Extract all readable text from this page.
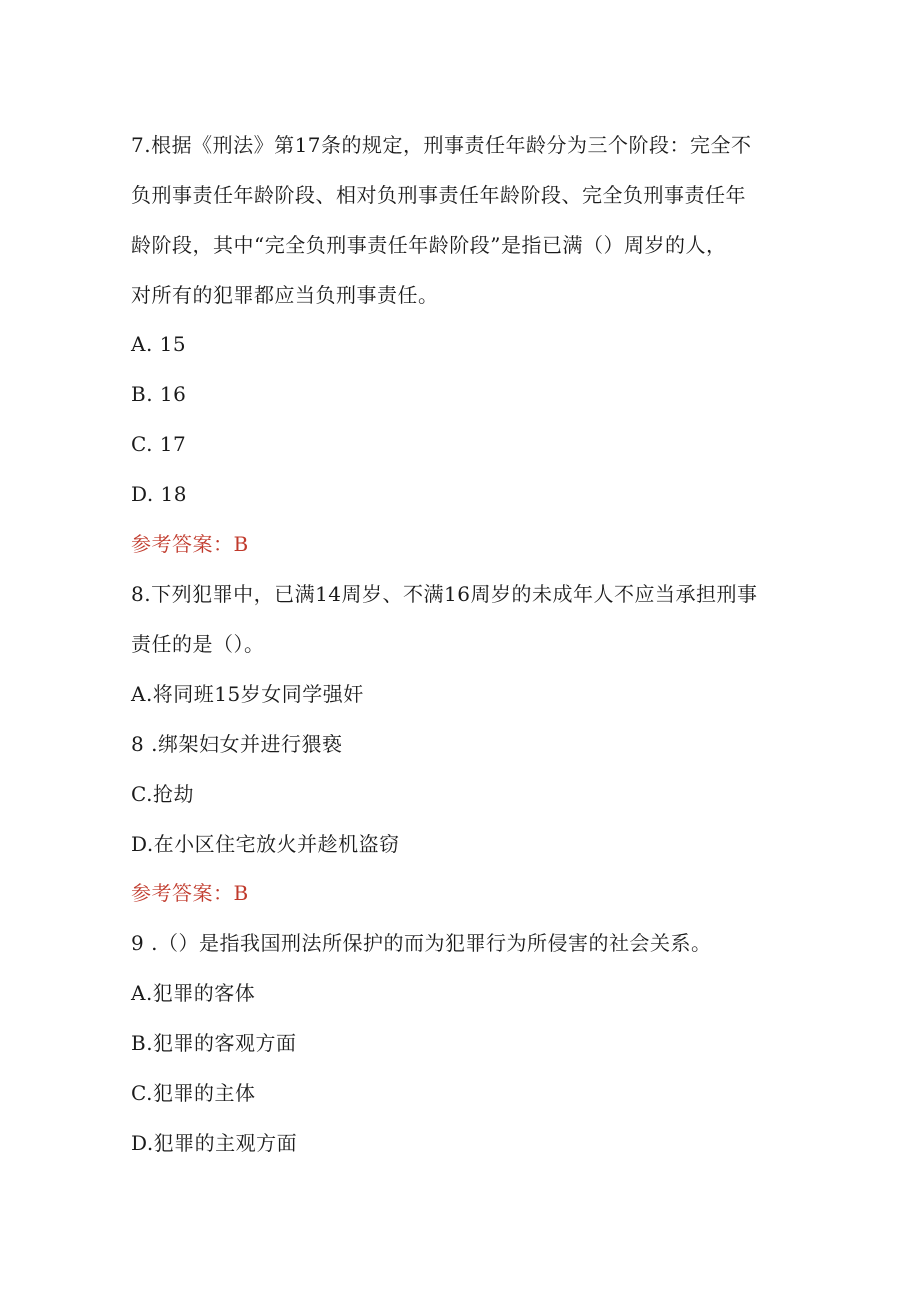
7.根据《刑法》第17条的规定，刑事责任年龄分为三个阶段：完全不
负刑事责任年龄阶段、相对负刑事责任年龄阶段、完全负刑事责任年
龄阶段，其中“完全负刑事责任年龄阶段”是指已满（）周岁的人，
对所有的犯罪都应当负刑事责任。
A. 15
B. 16
C. 17
D. 18
参考答案：B
8.下列犯罪中，已满14周岁、不满16周岁的未成年人不应当承担刑事
责任的是（）。
A.将同班15岁女同学强奸
8 .绑架妇女并进行猥亵
C.抢劫
D.在小区住宅放火并趁机盗窃
参考答案：B
9 .（）是指我国刑法所保护的而为犯罪行为所侵害的社会关系。
A.犯罪的客体
B.犯罪的客观方面
C.犯罪的主体
D.犯罪的主观方面
